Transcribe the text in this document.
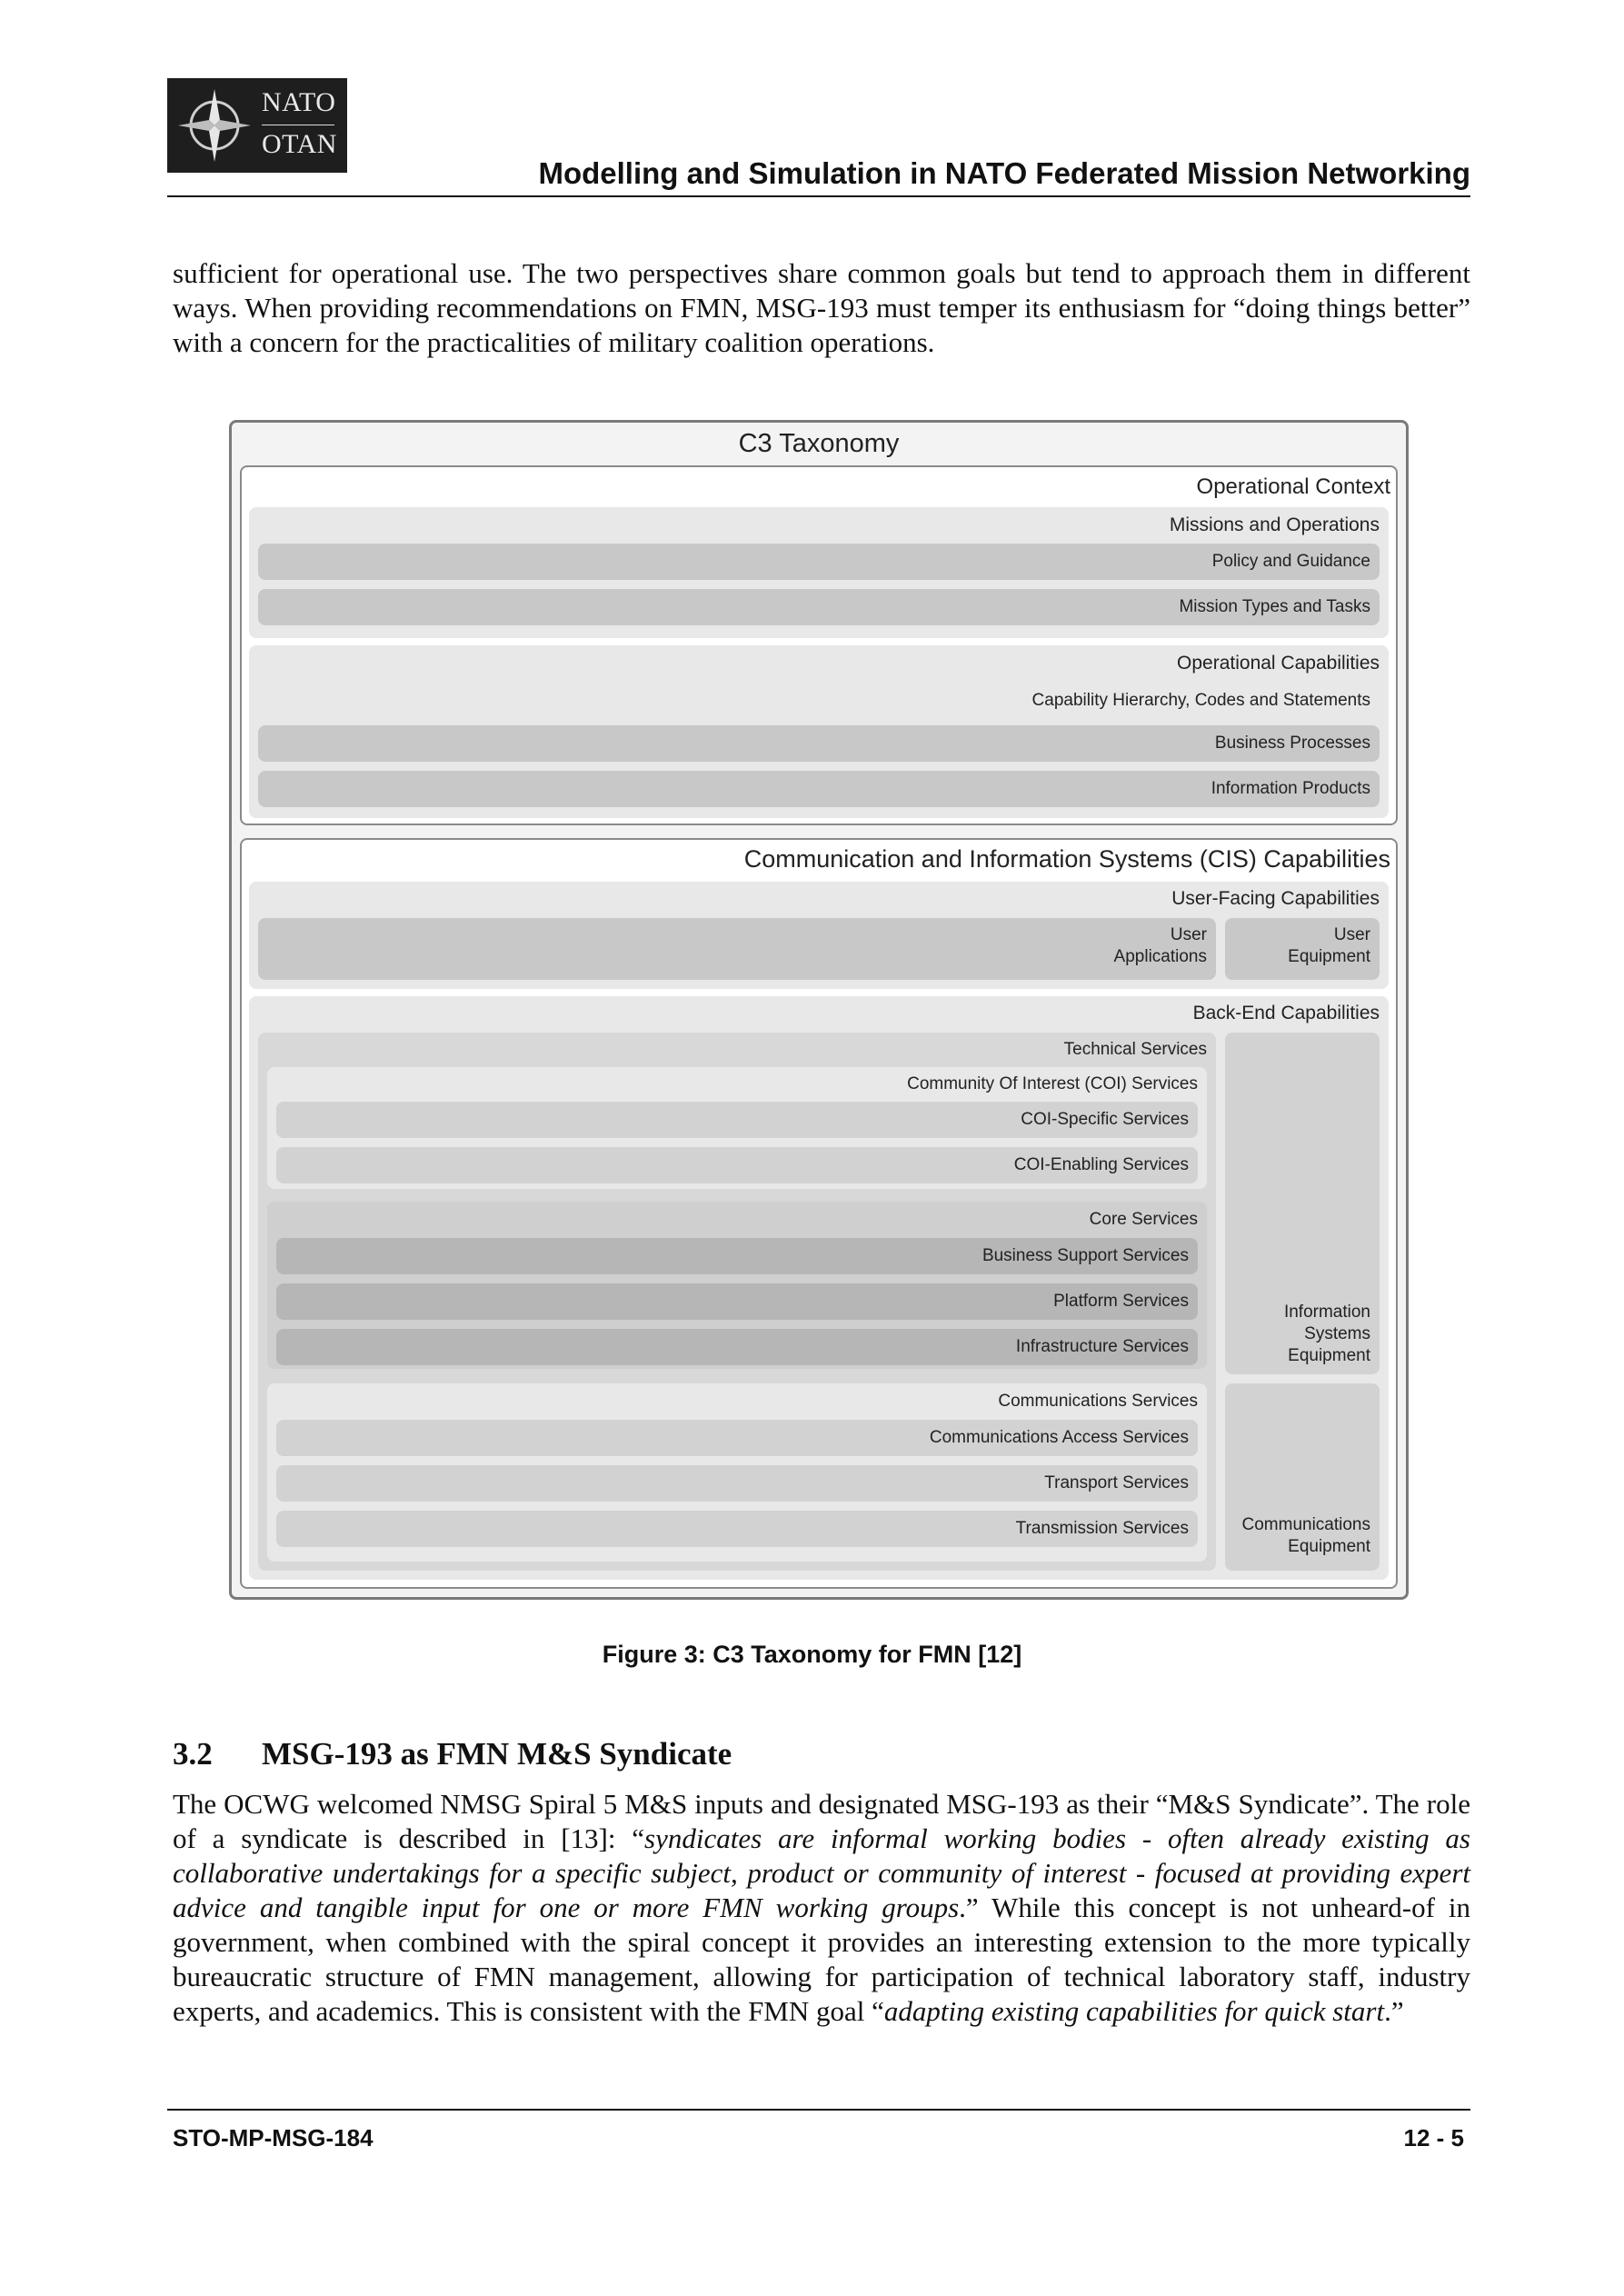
NATO
OTAN
Modelling and Simulation in NATO Federated Mission Networking
sufficient for operational use. The two perspectives share common goals but tend to approach them in different ways. When providing recommendations on FMN, MSG-193 must temper its enthusiasm for “doing things better” with a concern for the practicalities of military coalition operations.
C3 Taxonomy
Operational Context
Missions and Operations
Policy and Guidance
Mission Types and Tasks
Operational Capabilities
Capability Hierarchy, Codes and Statements
Business Processes
Information Products
Communication and Information Systems (CIS) Capabilities
User-Facing Capabilities
User
Applications
User
Equipment
Back-End Capabilities
Technical Services
Community Of Interest (COI) Services
COI-Specific Services
COI-Enabling Services
Core Services
Business Support Services
Platform Services
Infrastructure Services
Communications Services
Communications Access Services
Transport Services
Transmission Services
Information
Systems
Equipment
Communications
Equipment
Figure 3: C3 Taxonomy for FMN [12]
3.2 MSG-193 as FMN M&S Syndicate
The OCWG welcomed NMSG Spiral 5 M&S inputs and designated MSG-193 as their “M&S Syndicate”. The role of a syndicate is described in [13]: “syndicates are informal working bodies - often already existing as collaborative undertakings for a specific subject, product or community of interest - focused at providing expert advice and tangible input for one or more FMN working groups.” While this concept is not unheard-of in government, when combined with the spiral concept it provides an interesting extension to the more typically bureaucratic structure of FMN management, allowing for participation of technical laboratory staff, industry experts, and academics. This is consistent with the FMN goal “adapting existing capabilities for quick start.”
STO-MP-MSG-184	12 - 5
